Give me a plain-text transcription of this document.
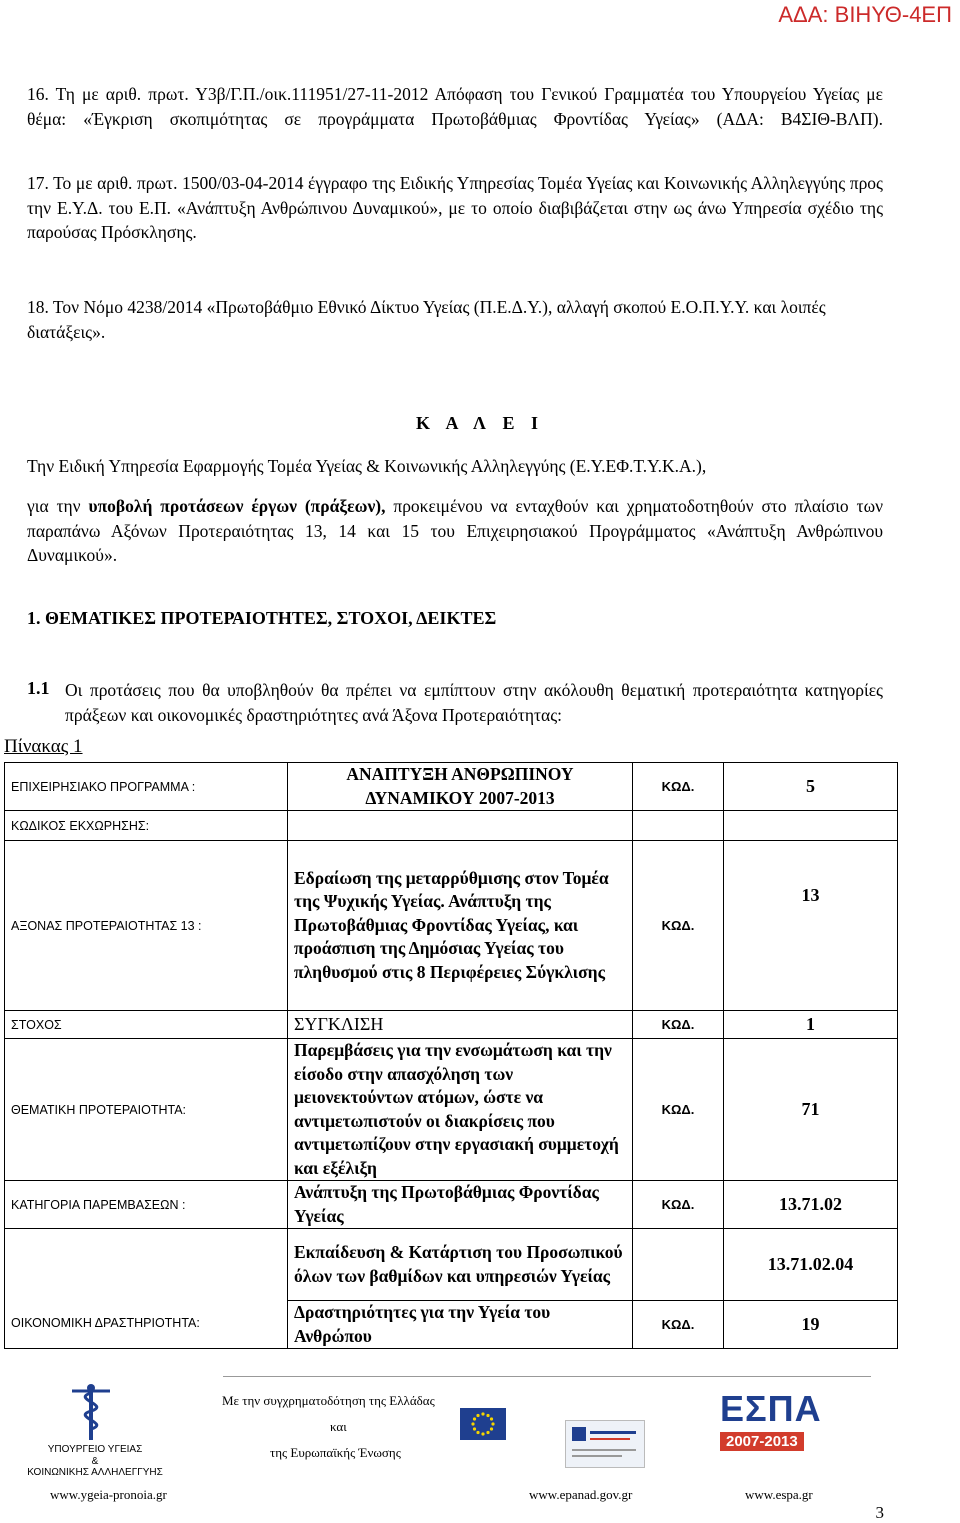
ΑΔΑ: ΒΙΗΥΘ-4ΕΠ

16. Τη με αριθ. πρωτ. Υ3β/Γ.Π./οικ.111951/27-11-2012 Απόφαση του Γενικού Γραμματέα του Υπουργείου Υγείας με θέμα: «Έγκριση σκοπιμότητας σε προγράμματα Πρωτοβάθμιας Φροντίδας Υγείας» (ΑΔΑ: Β4ΣΙΘ-ΒΛΠ).

17. Το με αριθ. πρωτ. 1500/03-04-2014 έγγραφο της Ειδικής Υπηρεσίας Τομέα Υγείας και Κοινωνικής Αλληλεγγύης προς την Ε.Υ.Δ. του Ε.Π. «Ανάπτυξη Ανθρώπινου Δυναμικού», με το οποίο διαβιβάζεται στην ως άνω Υπηρεσία σχέδιο της παρούσας Πρόσκλησης.

18. Τον Νόμο 4238/2014 «Πρωτοβάθμιο Εθνικό Δίκτυο Υγείας (Π.Ε.Δ.Υ.), αλλαγή σκοπού Ε.Ο.Π.Υ.Υ. και λοιπές διατάξεις».

Κ Α Λ Ε Ι

Την Ειδική Υπηρεσία Εφαρμογής Τομέα Υγείας & Κοινωνικής Αλληλεγγύης (Ε.Υ.ΕΦ.Τ.Υ.Κ.Α.),

για την υποβολή προτάσεων έργων (πράξεων), προκειμένου να ενταχθούν και χρηματοδοτηθούν στο πλαίσιο των παραπάνω Αξόνων Προτεραιότητας 13, 14 και 15 του Επιχειρησιακού Προγράμματος «Ανάπτυξη Ανθρώπινου Δυναμικού».

1. ΘΕΜΑΤΙΚΕΣ ΠΡΟΤΕΡΑΙΟΤΗΤΕΣ, ΣΤΟΧΟΙ, ΔΕΙΚΤΕΣ
1.1 Οι προτάσεις που θα υποβληθούν θα πρέπει να εμπίπτουν στην ακόλουθη θεματική προτεραιότητα κατηγορίες πράξεων και οικονομικές δραστηριότητες ανά Άξονα Προτεραιότητας:

Πίνακας 1
ΕΠΙΧΕΙΡΗΣΙΑΚΟ ΠΡΟΓΡΑΜΜΑ :	ΑΝΑΠΤΥΞΗ ΑΝΘΡΩΠΙΝΟΥ ΔΥΝΑΜΙΚΟΥ 2007-2013	ΚΩΔ.	5
ΚΩΔΙΚΟΣ ΕΚΧΩΡΗΣΗΣ:			
ΑΞΟΝΑΣ ΠΡΟΤΕΡΑΙΟΤΗΤΑΣ 13 :	Εδραίωση της μεταρρύθμισης στον Τομέα της Ψυχικής Υγείας. Ανάπτυξη της Πρωτοβάθμιας Φροντίδας Υγείας, και προάσπιση της Δημόσιας Υγείας του πληθυσμού στις 8 Περιφέρειες Σύγκλισης	ΚΩΔ.	13
ΣΤΟΧΟΣ	ΣΥΓΚΛΙΣΗ	ΚΩΔ.	1
ΘΕΜΑΤΙΚΗ ΠΡΟΤΕΡΑΙΟΤΗΤΑ:	Παρεμβάσεις για την ενσωμάτωση και την είσοδο στην απασχόληση των μειονεκτούντων ατόμων, ώστε να αντιμετωπιστούν οι διακρίσεις που αντιμετωπίζουν στην εργασιακή συμμετοχή και εξέλιξη	ΚΩΔ.	71
ΚΑΤΗΓΟΡΙΑ ΠΑΡΕΜΒΑΣΕΩΝ :	Ανάπτυξη της Πρωτοβάθμιας Φροντίδας Υγείας	ΚΩΔ.	13.71.02
ΟΙΚΟΝΟΜΙΚΗ ΔΡΑΣΤΗΡΙΟΤΗΤΑ:	Εκπαίδευση & Κατάρτιση του Προσωπικού όλων των βαθμίδων και υπηρεσιών Υγείας		13.71.02.04
	Δραστηριότητες για την Υγεία του Ανθρώπου	ΚΩΔ.	19
ΥΠΟΥΡΓΕΙΟ ΥΓΕΙΑΣ
&
ΚΟΙΝΩΝΙΚΗΣ ΑΛΛΗΛΕΓΓΥΗΣ
Με την συγχρηματοδότηση της Ελλάδας
και
της Ευρωπαϊκής Ένωσης
ΕΣΠΑ
2007-2013
www.ygeia-pronoia.gr	www.epanad.gov.gr	www.espa.gr
3
